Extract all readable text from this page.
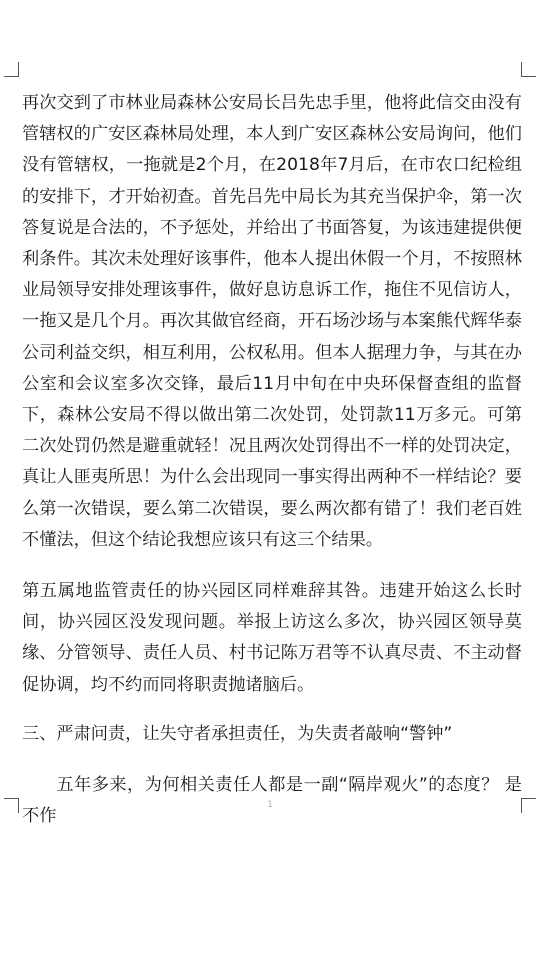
再次交到了市林业局森林公安局长吕先忠手里，他将此信交由没有管辖权的广安区森林局处理，本人到广安区森林公安局询问，他们没有管辖权，一拖就是2个月，在2018年7月后，在市农口纪检组的安排下，才开始初查。首先吕先中局长为其充当保护伞，第一次答复说是合法的，不予惩处，并给出了书面答复，为该违建提供便利条件。其次未处理好该事件，他本人提出休假一个月，不按照林业局领导安排处理该事件，做好息访息诉工作，拖住不见信访人，一拖又是几个月。再次其做官经商，开石场沙场与本案熊代辉华泰公司利益交织，相互利用，公权私用。但本人据理力争，与其在办公室和会议室多次交锋，最后11月中旬在中央环保督查组的监督下，森林公安局不得以做出第二次处罚，处罚款11万多元。可第二次处罚仍然是避重就轻！况且两次处罚得出不一样的处罚决定，真让人匪夷所思！为什么会出现同一事实得出两种不一样结论？要么第一次错误，要么第二次错误，要么两次都有错了！我们老百姓不懂法，但这个结论我想应该只有这三个结果。

第五属地监管责任的协兴园区同样难辞其咎。违建开始这么长时间，协兴园区没发现问题。举报上访这么多次，协兴园区领导莫缘、分管领导、责任人员、村书记陈万君等不认真尽责、不主动督促协调，均不约而同将职责抛诸脑后。

三、严肃问责，让失守者承担责任，为失责者敲响“警钟”

五年多来，为何相关责任人都是一副“隔岸观火”的态度？ 是不作

1
